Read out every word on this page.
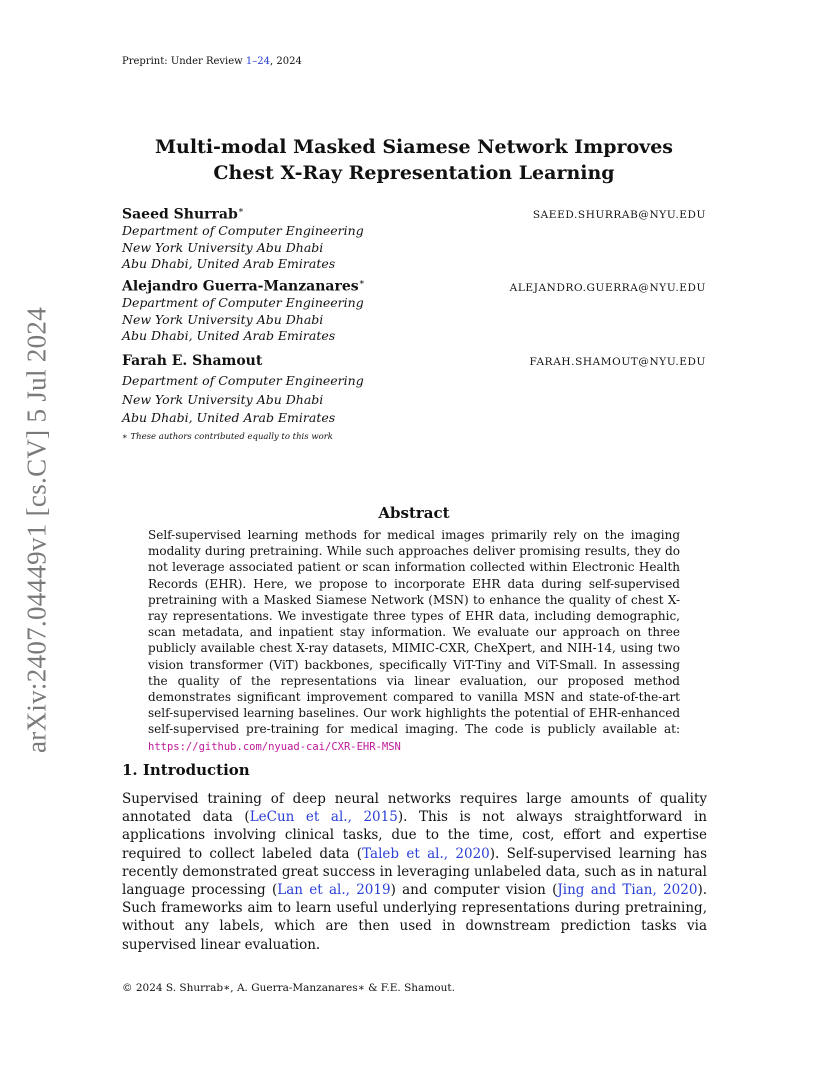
Preprint: Under Review 1–24, 2024
arXiv:2407.04449v1 [cs.CV] 5 Jul 2024
Multi-modal Masked Siamese Network Improves
Chest X-Ray Representation Learning
Saeed Shurrab∗	SAEED.SHURRAB@NYU.EDU
Department of Computer Engineering
New York University Abu Dhabi
Abu Dhabi, United Arab Emirates
Alejandro Guerra-Manzanares∗	ALEJANDRO.GUERRA@NYU.EDU
Department of Computer Engineering
New York University Abu Dhabi
Abu Dhabi, United Arab Emirates
Farah E. Shamout	FARAH.SHAMOUT@NYU.EDU
Department of Computer Engineering
New York University Abu Dhabi
Abu Dhabi, United Arab Emirates
∗ These authors contributed equally to this work
Abstract
Self-supervised learning methods for medical images primarily rely on the imaging modality during pretraining. While such approaches deliver promising results, they do not leverage associated patient or scan information collected within Electronic Health Records (EHR). Here, we propose to incorporate EHR data during self-supervised pretraining with a Masked Siamese Network (MSN) to enhance the quality of chest X-ray representations. We investigate three types of EHR data, including demographic, scan metadata, and inpatient stay information. We evaluate our approach on three publicly available chest X-ray datasets, MIMIC-CXR, CheXpert, and NIH-14, using two vision transformer (ViT) backbones, specifically ViT-Tiny and ViT-Small. In assessing the quality of the representations via linear evaluation, our proposed method demonstrates significant improvement compared to vanilla MSN and state-of-the-art self-supervised learning baselines. Our work highlights the potential of EHR-enhanced self-supervised pre-training for medical imaging. The code is publicly available at: https://github.com/nyuad-cai/CXR-EHR-MSN
1. Introduction
Supervised training of deep neural networks requires large amounts of quality annotated data (LeCun et al., 2015). This is not always straightforward in applications involving clinical tasks, due to the time, cost, effort and expertise required to collect labeled data (Taleb et al., 2020). Self-supervised learning has recently demonstrated great success in leveraging unlabeled data, such as in natural language processing (Lan et al., 2019) and computer vision (Jing and Tian, 2020). Such frameworks aim to learn useful underlying representations during pretraining, without any labels, which are then used in downstream prediction tasks via supervised linear evaluation.
© 2024 S. Shurrab∗, A. Guerra-Manzanares∗ & F.E. Shamout.
